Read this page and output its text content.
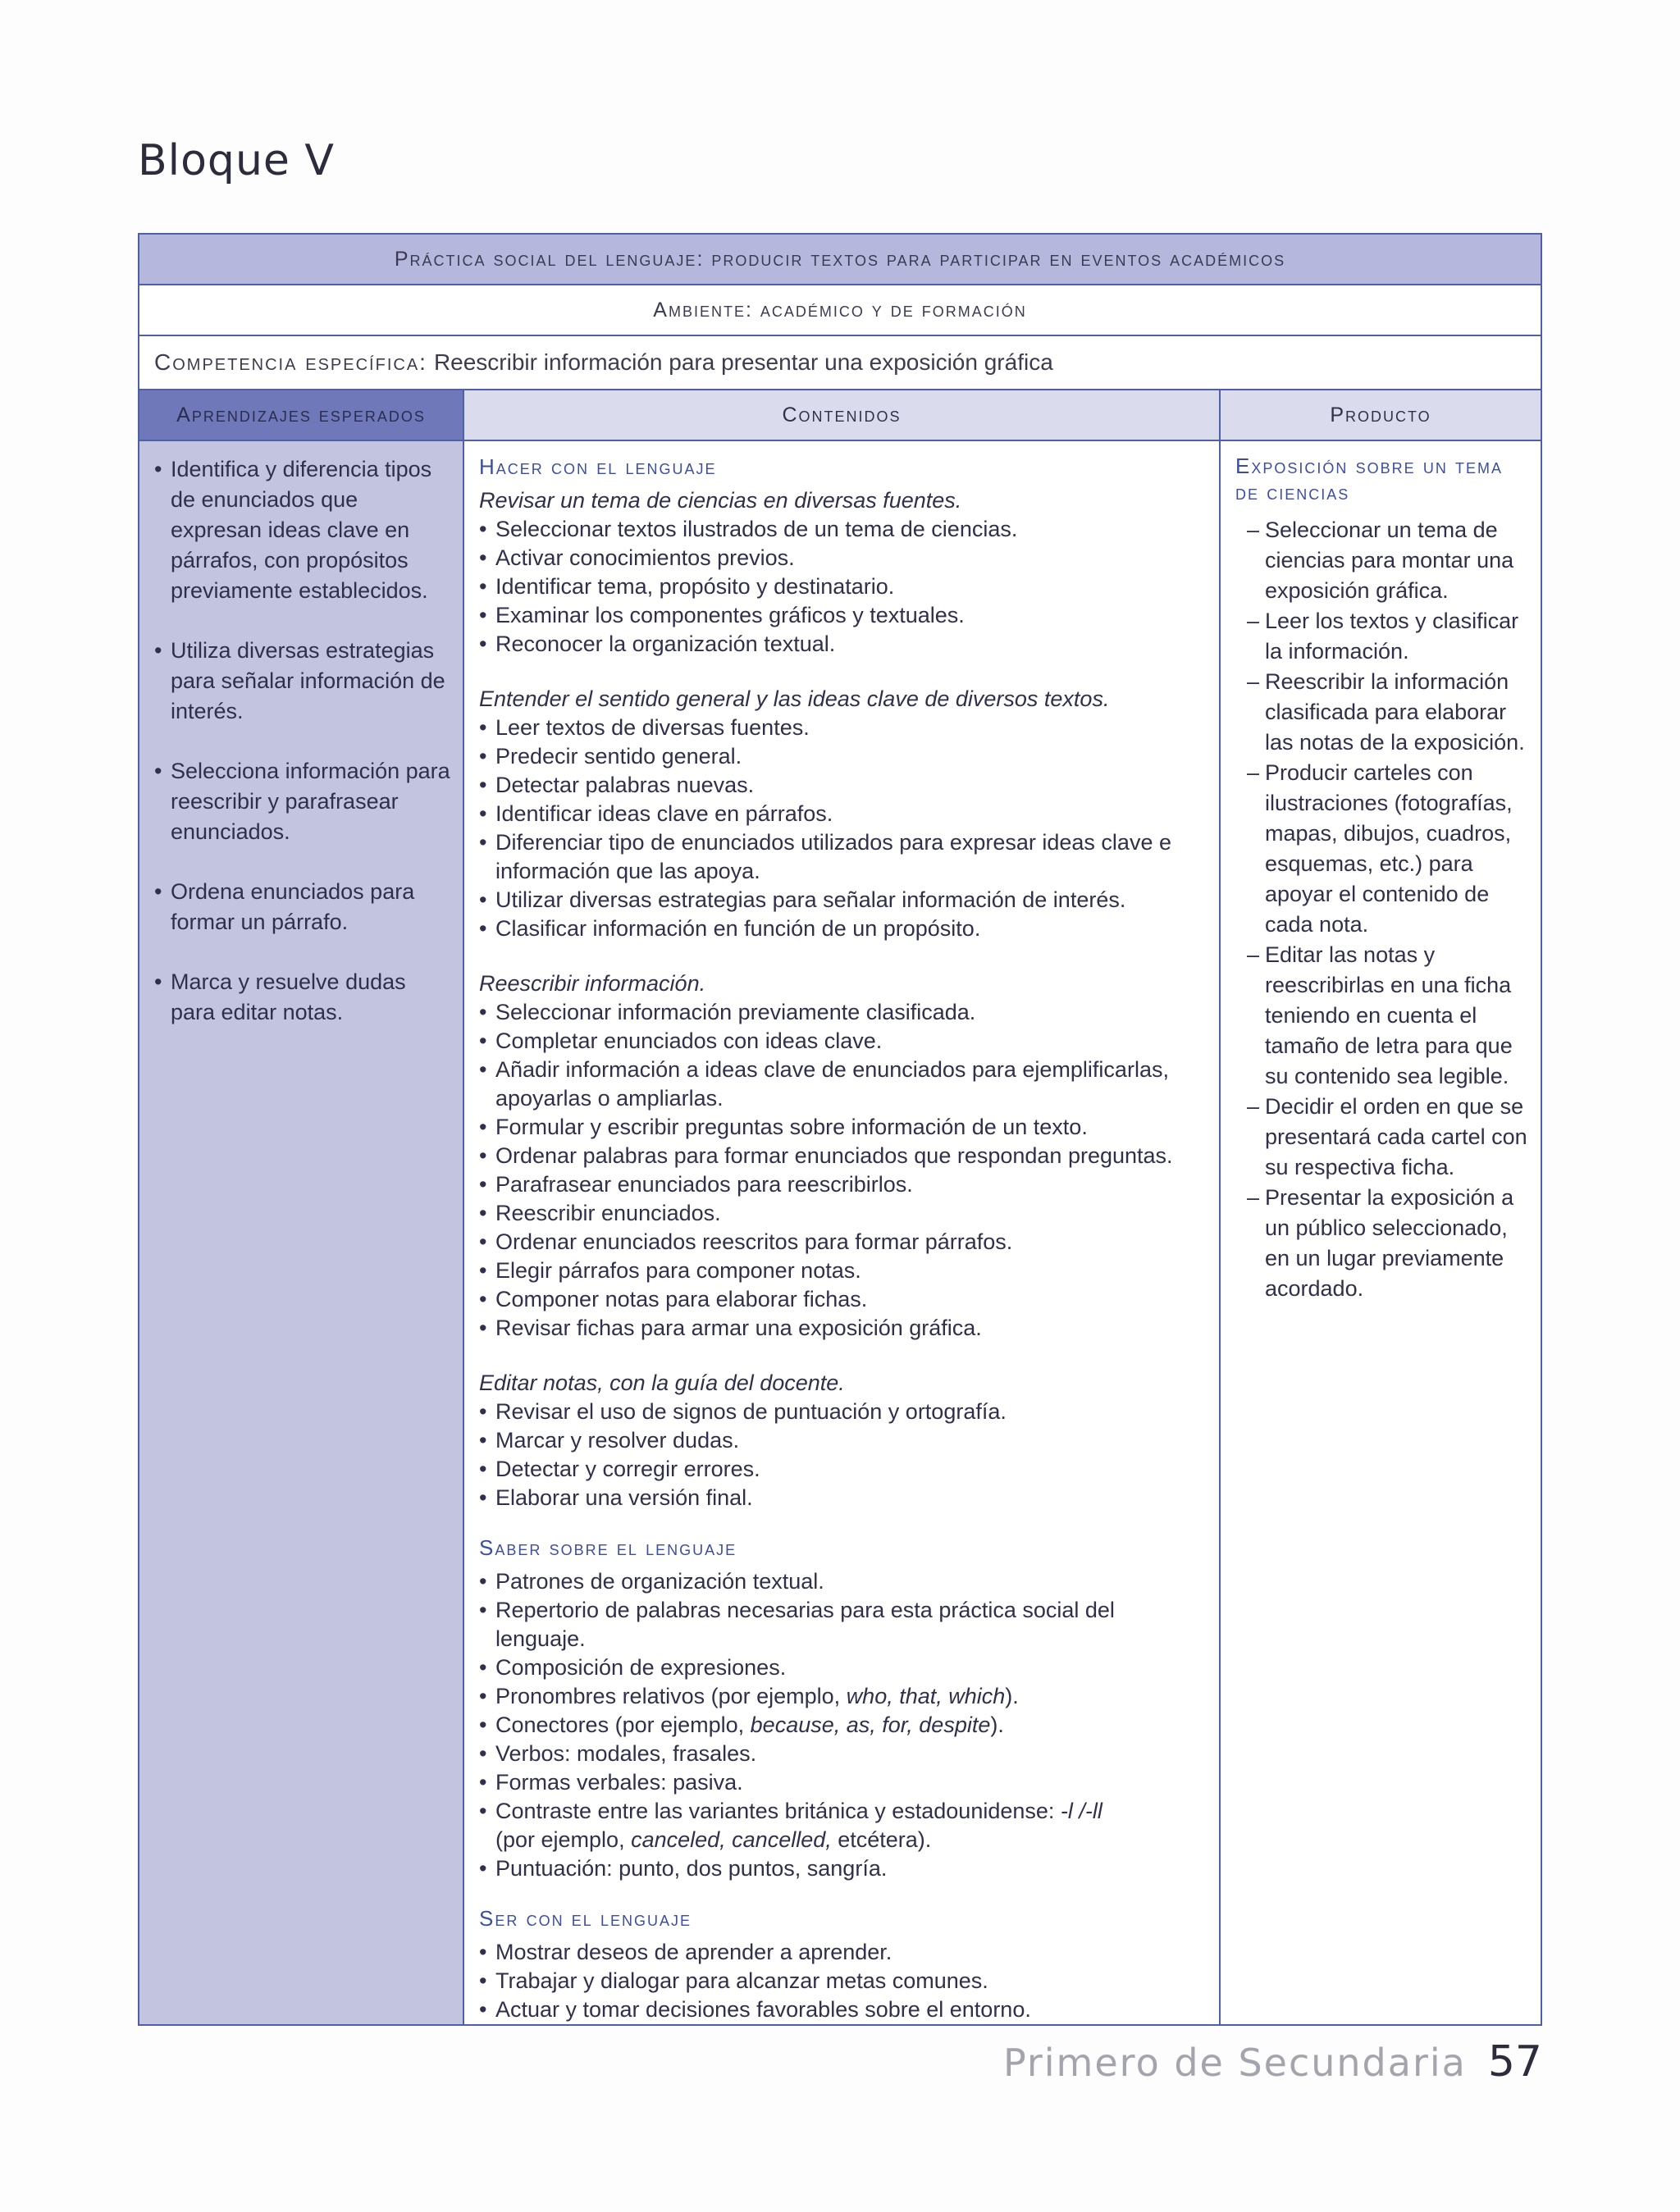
Bloque V
Práctica social del lenguaje: producir textos para participar en eventos académicos
Ambiente: académico y de formación
Competencia específica: Reescribir información para presentar una exposición gráfica
Aprendizajes esperados
• Identifica y diferencia tipos de enunciados que expresan ideas clave en párrafos, con propósitos previamente establecidos.
• Utiliza diversas estrategias para señalar información de interés.
• Selecciona información para reescribir y parafrasear enunciados.
• Ordena enunciados para formar un párrafo.
• Marca y resuelve dudas para editar notas.
Contenidos
Hacer con el lenguaje
Revisar un tema de ciencias en diversas fuentes.
• Seleccionar textos ilustrados de un tema de ciencias.
• Activar conocimientos previos.
• Identificar tema, propósito y destinatario.
• Examinar los componentes gráficos y textuales.
• Reconocer la organización textual.
Entender el sentido general y las ideas clave de diversos textos.
• Leer textos de diversas fuentes.
• Predecir sentido general.
• Detectar palabras nuevas.
• Identificar ideas clave en párrafos.
• Diferenciar tipo de enunciados utilizados para expresar ideas clave e información que las apoya.
• Utilizar diversas estrategias para señalar información de interés.
• Clasificar información en función de un propósito.
Reescribir información.
• Seleccionar información previamente clasificada.
• Completar enunciados con ideas clave.
• Añadir información a ideas clave de enunciados para ejemplificarlas, apoyarlas o ampliarlas.
• Formular y escribir preguntas sobre información de un texto.
• Ordenar palabras para formar enunciados que respondan preguntas.
• Parafrasear enunciados para reescribirlos.
• Reescribir enunciados.
• Ordenar enunciados reescritos para formar párrafos.
• Elegir párrafos para componer notas.
• Componer notas para elaborar fichas.
• Revisar fichas para armar una exposición gráfica.
Editar notas, con la guía del docente.
• Revisar el uso de signos de puntuación y ortografía.
• Marcar y resolver dudas.
• Detectar y corregir errores.
• Elaborar una versión final.
Saber sobre el lenguaje
• Patrones de organización textual.
• Repertorio de palabras necesarias para esta práctica social del lenguaje.
• Composición de expresiones.
• Pronombres relativos (por ejemplo, who, that, which).
• Conectores (por ejemplo, because, as, for, despite).
• Verbos: modales, frasales.
• Formas verbales: pasiva.
• Contraste entre las variantes británica y estadounidense: -l /-ll
(por ejemplo, canceled, cancelled, etcétera).
• Puntuación: punto, dos puntos, sangría.
Ser con el lenguaje
• Mostrar deseos de aprender a aprender.
• Trabajar y dialogar para alcanzar metas comunes.
• Actuar y tomar decisiones favorables sobre el entorno.
Producto
Exposición sobre un tema de ciencias
– Seleccionar un tema de ciencias para montar una exposición gráfica.
– Leer los textos y clasificar la información.
– Reescribir la información clasificada para elaborar las notas de la exposición.
– Producir carteles con ilustraciones (fotografías, mapas, dibujos, cuadros, esquemas, etc.) para apoyar el contenido de cada nota.
– Editar las notas y reescribirlas en una ficha teniendo en cuenta el tamaño de letra para que su contenido sea legible.
– Decidir el orden en que se presentará cada cartel con su respectiva ficha.
– Presentar la exposición a un público seleccionado, en un lugar previamente acordado.
Primero de Secundaria 57
